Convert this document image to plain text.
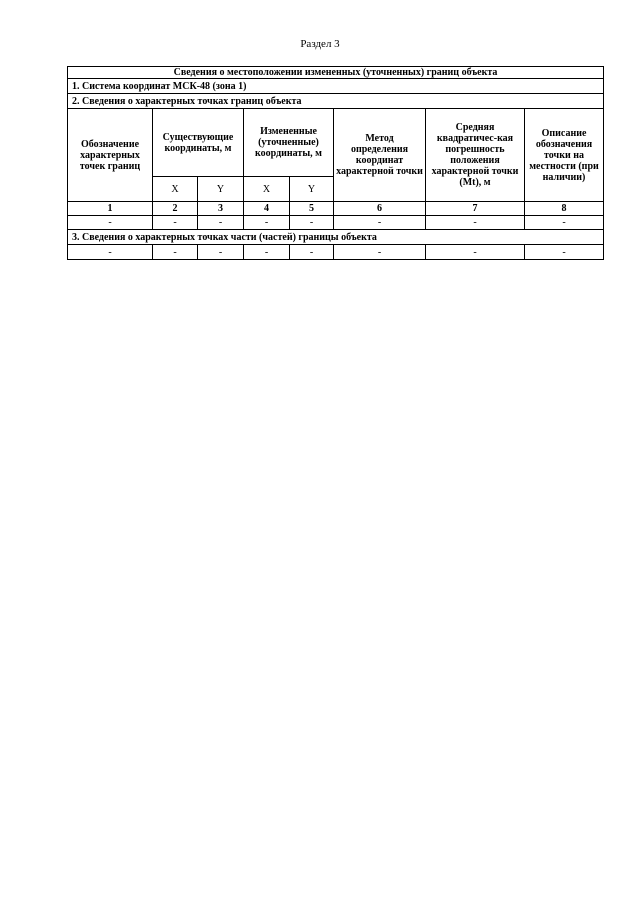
Раздел 3
Сведения о местоположении измененных (уточненных) границ объекта							
1. Система координат МСК-48 (зона 1)							
2. Сведения о характерных точках границ объекта							
Обозначение характерных точек границ	Существующие координаты, м		Измененные (уточненные) координаты, м		Метод определения координат характерной точки	Средняя квадратичес-кая погрешность положения характерной точки (Mt), м	Описание обозначения точки на местности (при наличии)
	X	Y	X	Y			
1	2	3	4	5	6	7	8
-	-	-	-	-	-	-	-
3. Сведения о характерных точках части (частей) границы объекта							
-	-	-	-	-	-	-	-
